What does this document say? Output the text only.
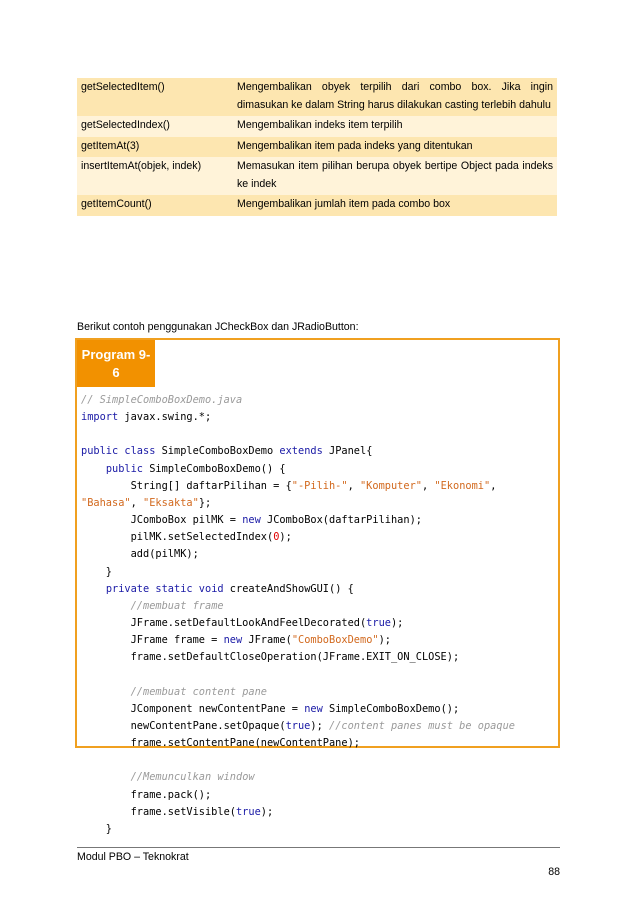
getSelectedItem()	Mengembalikan obyek terpilih dari combo box. Jika ingin dimasukan ke dalam String harus dilakukan casting terlebih dahulu
getSelectedIndex()	Mengembalikan indeks item terpilih
getItemAt(3)	Mengembalikan item pada indeks yang ditentukan
insertItemAt(objek, indek)	Memasukan item pilihan berupa obyek bertipe Object pada indeks ke indek
getItemCount()	Mengembalikan jumlah item pada combo box
Berikut contoh penggunakan JCheckBox dan JRadioButton:
Program 9-
6
// SimpleComboBoxDemo.java
import javax.swing.*;

public class SimpleComboBoxDemo extends JPanel{
public SimpleComboBoxDemo() {
String[] daftarPilihan = {"-Pilih-", "Komputer", "Ekonomi",
"Bahasa", "Eksakta"};
JComboBox pilMK = new JComboBox(daftarPilihan);
pilMK.setSelectedIndex(0);
add(pilMK);
}
private static void createAndShowGUI() {
//membuat frame
JFrame.setDefaultLookAndFeelDecorated(true);
JFrame frame = new JFrame("ComboBoxDemo");
frame.setDefaultCloseOperation(JFrame.EXIT_ON_CLOSE);

//membuat content pane
JComponent newContentPane = new SimpleComboBoxDemo();
newContentPane.setOpaque(true); //content panes must be opaque
frame.setContentPane(newContentPane);

//Memunculkan window
frame.pack();
frame.setVisible(true);
}
Modul PBO – Teknokrat
88
